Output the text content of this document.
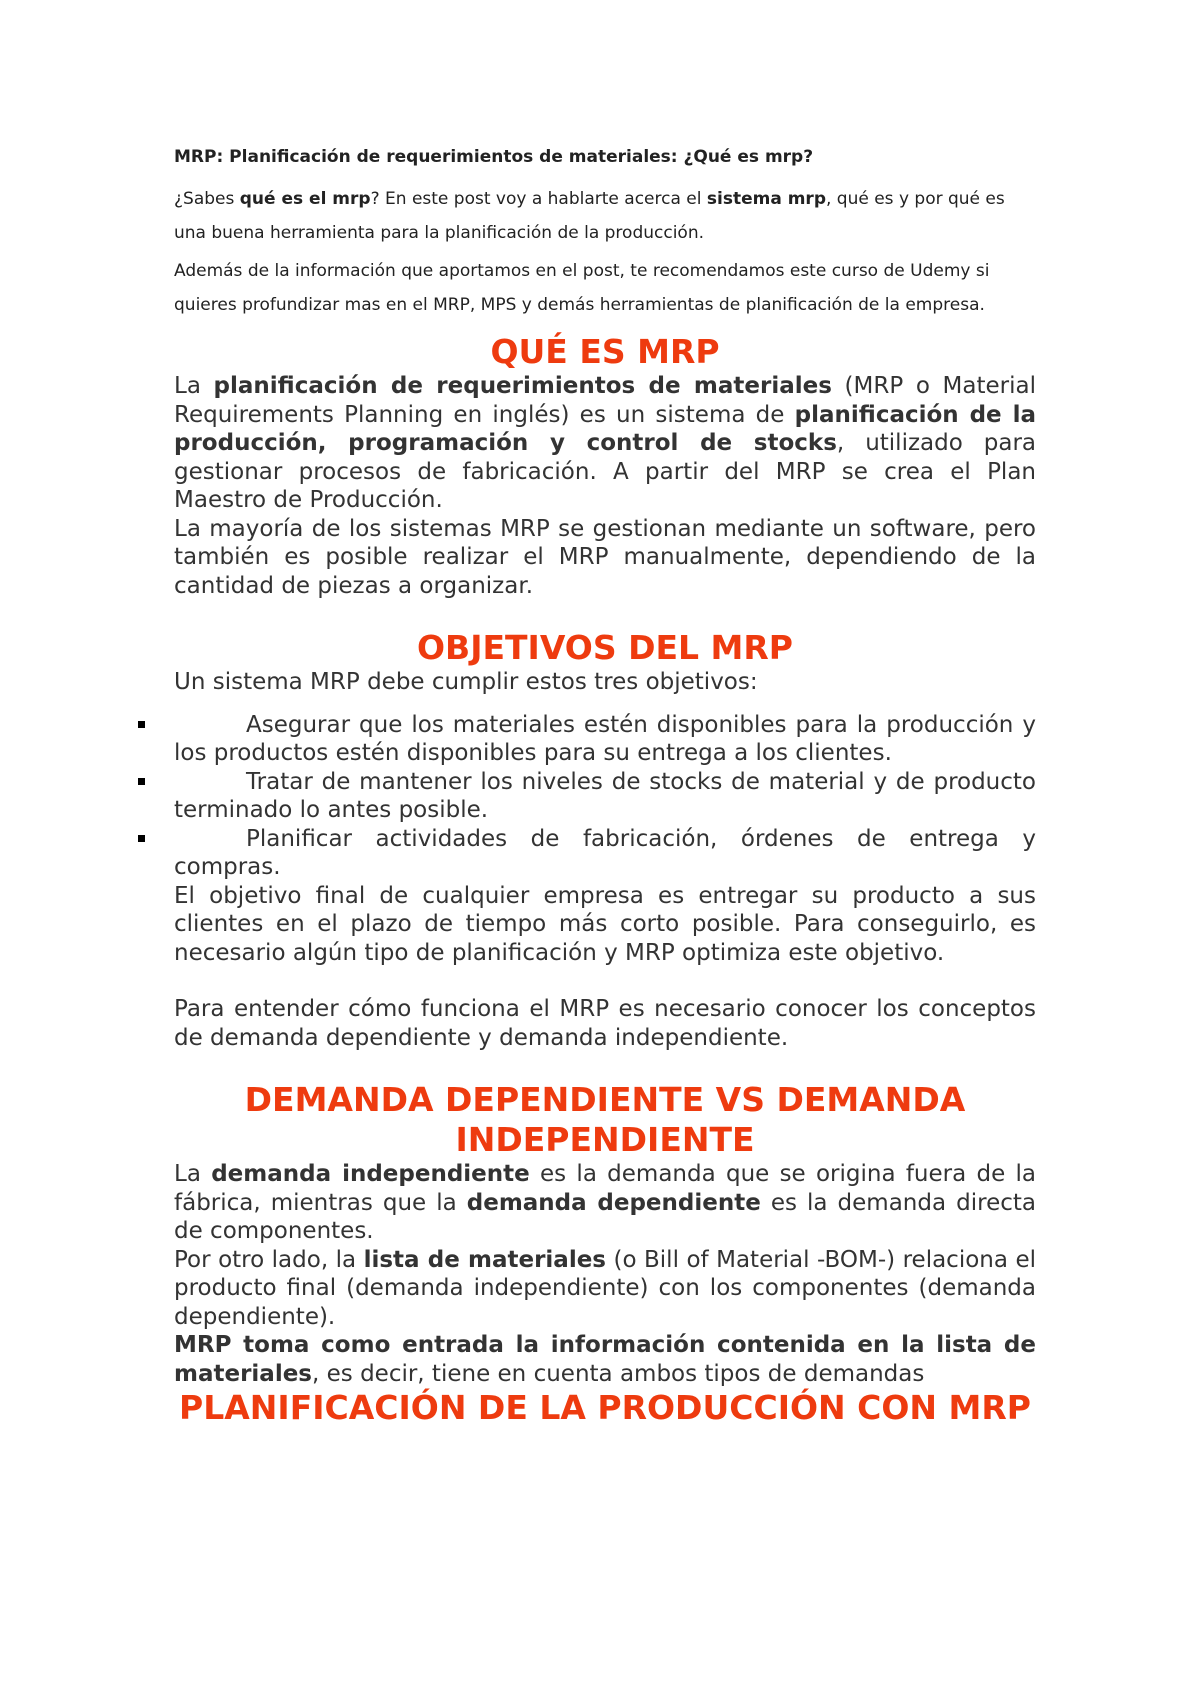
MRP: Planificación de requerimientos de materiales: ¿Qué es mrp?

¿Sabes qué es el mrp? En este post voy a hablarte acerca el sistema mrp, qué es y por qué es una buena herramienta para la planificación de la producción.

Además de la información que aportamos en el post, te recomendamos este curso de Udemy si quieres profundizar mas en el MRP, MPS y demás herramientas de planificación de la empresa.

QUÉ ES MRP

La planificación de requerimientos de materiales (MRP o Material Requirements Planning en inglés) es un sistema de planificación de la producción, programación y control de stocks, utilizado para gestionar procesos de fabricación. A partir del MRP se crea el Plan Maestro de Producción.

La mayoría de los sistemas MRP se gestionan mediante un software, pero también es posible realizar el MRP manualmente, dependiendo de la cantidad de piezas a organizar.

OBJETIVOS DEL MRP

Un sistema MRP debe cumplir estos tres objetivos:

Asegurar que los materiales estén disponibles para la producción y los productos estén disponibles para su entrega a los clientes.
Tratar de mantener los niveles de stocks de material y de producto terminado lo antes posible.
Planificar actividades de fabricación, órdenes de entrega y compras.

El objetivo final de cualquier empresa es entregar su producto a sus clientes en el plazo de tiempo más corto posible. Para conseguirlo, es necesario algún tipo de planificación y MRP optimiza este objetivo.

Para entender cómo funciona el MRP es necesario conocer los conceptos de demanda dependiente y demanda independiente.

DEMANDA DEPENDIENTE VS DEMANDA INDEPENDIENTE

La demanda independiente es la demanda que se origina fuera de la fábrica, mientras que la demanda dependiente es la demanda directa de componentes.

Por otro lado, la lista de materiales (o Bill of Material -BOM-) relaciona el producto final (demanda independiente) con los componentes (demanda dependiente).

MRP toma como entrada la información contenida en la lista de materiales, es decir, tiene en cuenta ambos tipos de demandas

PLANIFICACIÓN DE LA PRODUCCIÓN CON MRP
